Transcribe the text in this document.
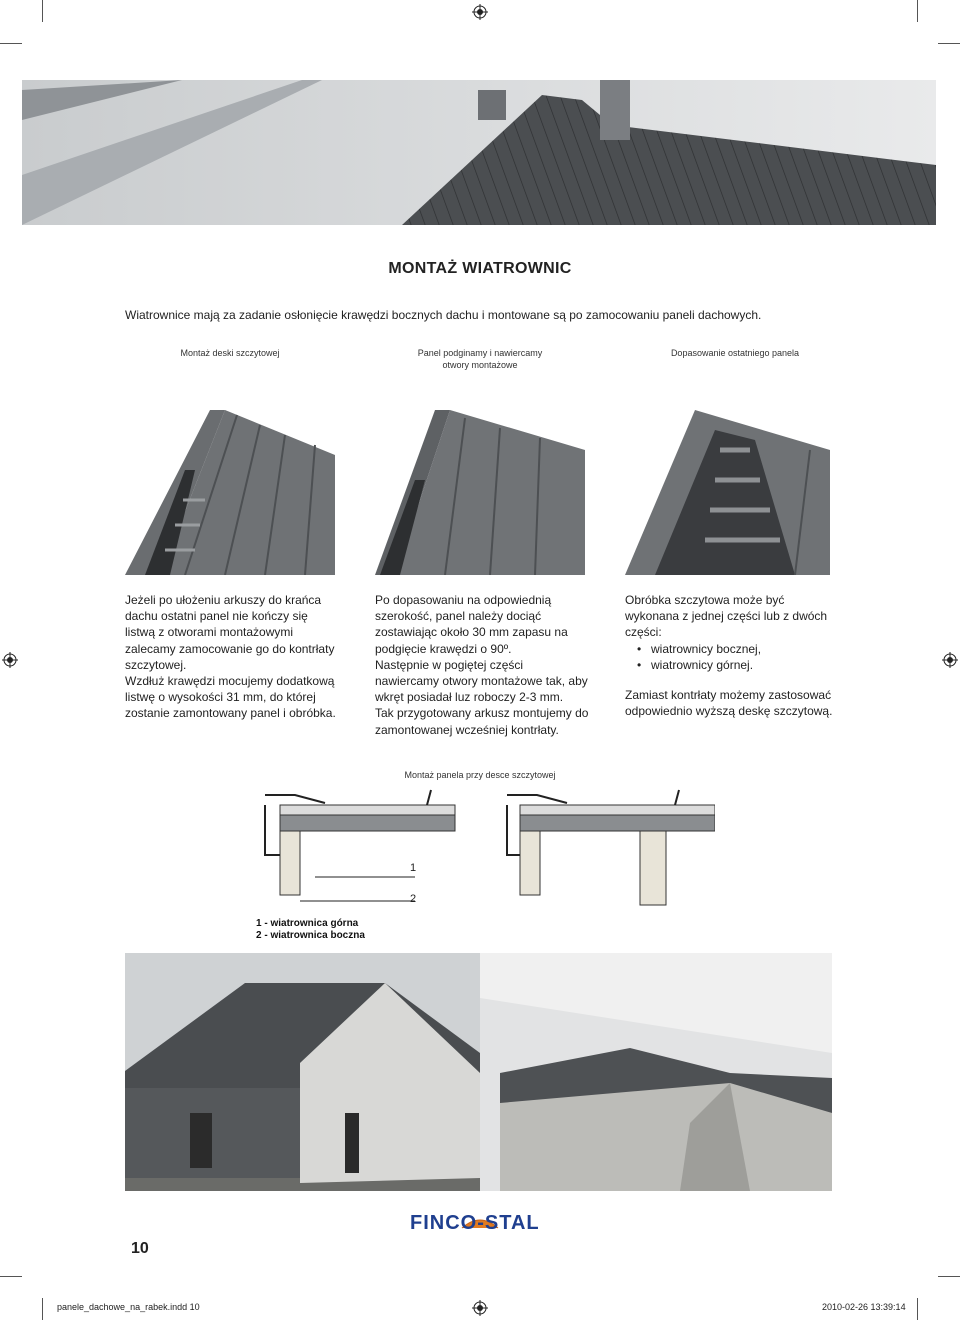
MONTAŻ WIATROWNIC
Wiatrownice mają za zadanie osłonięcie krawędzi bocznych dachu i montowane są po zamocowaniu paneli dachowych.
Montaż deski szczytowej	Panel podginamy i nawiercamy
otwory montażowe
Dopasowanie ostatniego panela

Jeżeli po ułożeniu arkuszy do krańca dachu ostatni panel nie kończy się listwą z otworami montażowymi zalecamy zamocowanie go do kontrłaty szczytowej.

Wzdłuż krawędzi mocujemy dodatkową listwę o wysokości 31 mm, do której zostanie zamontowany panel i obróbka.

Po dopasowaniu na odpowiednią szerokość, panel należy dociąć zostawiając około 30 mm zapasu na podgięcie krawędzi o 90º.

Następnie w pogiętej części nawiercamy otwory montażowe tak, aby wkręt posiadał luz roboczy 2-3 mm.

Tak przygotowany arkusz montujemy do zamontowanej wcześniej kontrłaty.

Obróbka szczytowa może być wykonana z jednej części lub z dwóch części:

• wiatrownicy bocznej,
• wiatrownicy górnej.

Zamiast kontrłaty możemy zastosować odpowiednio wyższą deskę szczytową.

Montaż panela przy desce szczytowej
1
2
1 - wiatrownica górna
2 - wiatrownica boczna
FINCO-STAL
10
panele_dachowe_na_rabek.indd 10	2010-02-26 13:39:14
